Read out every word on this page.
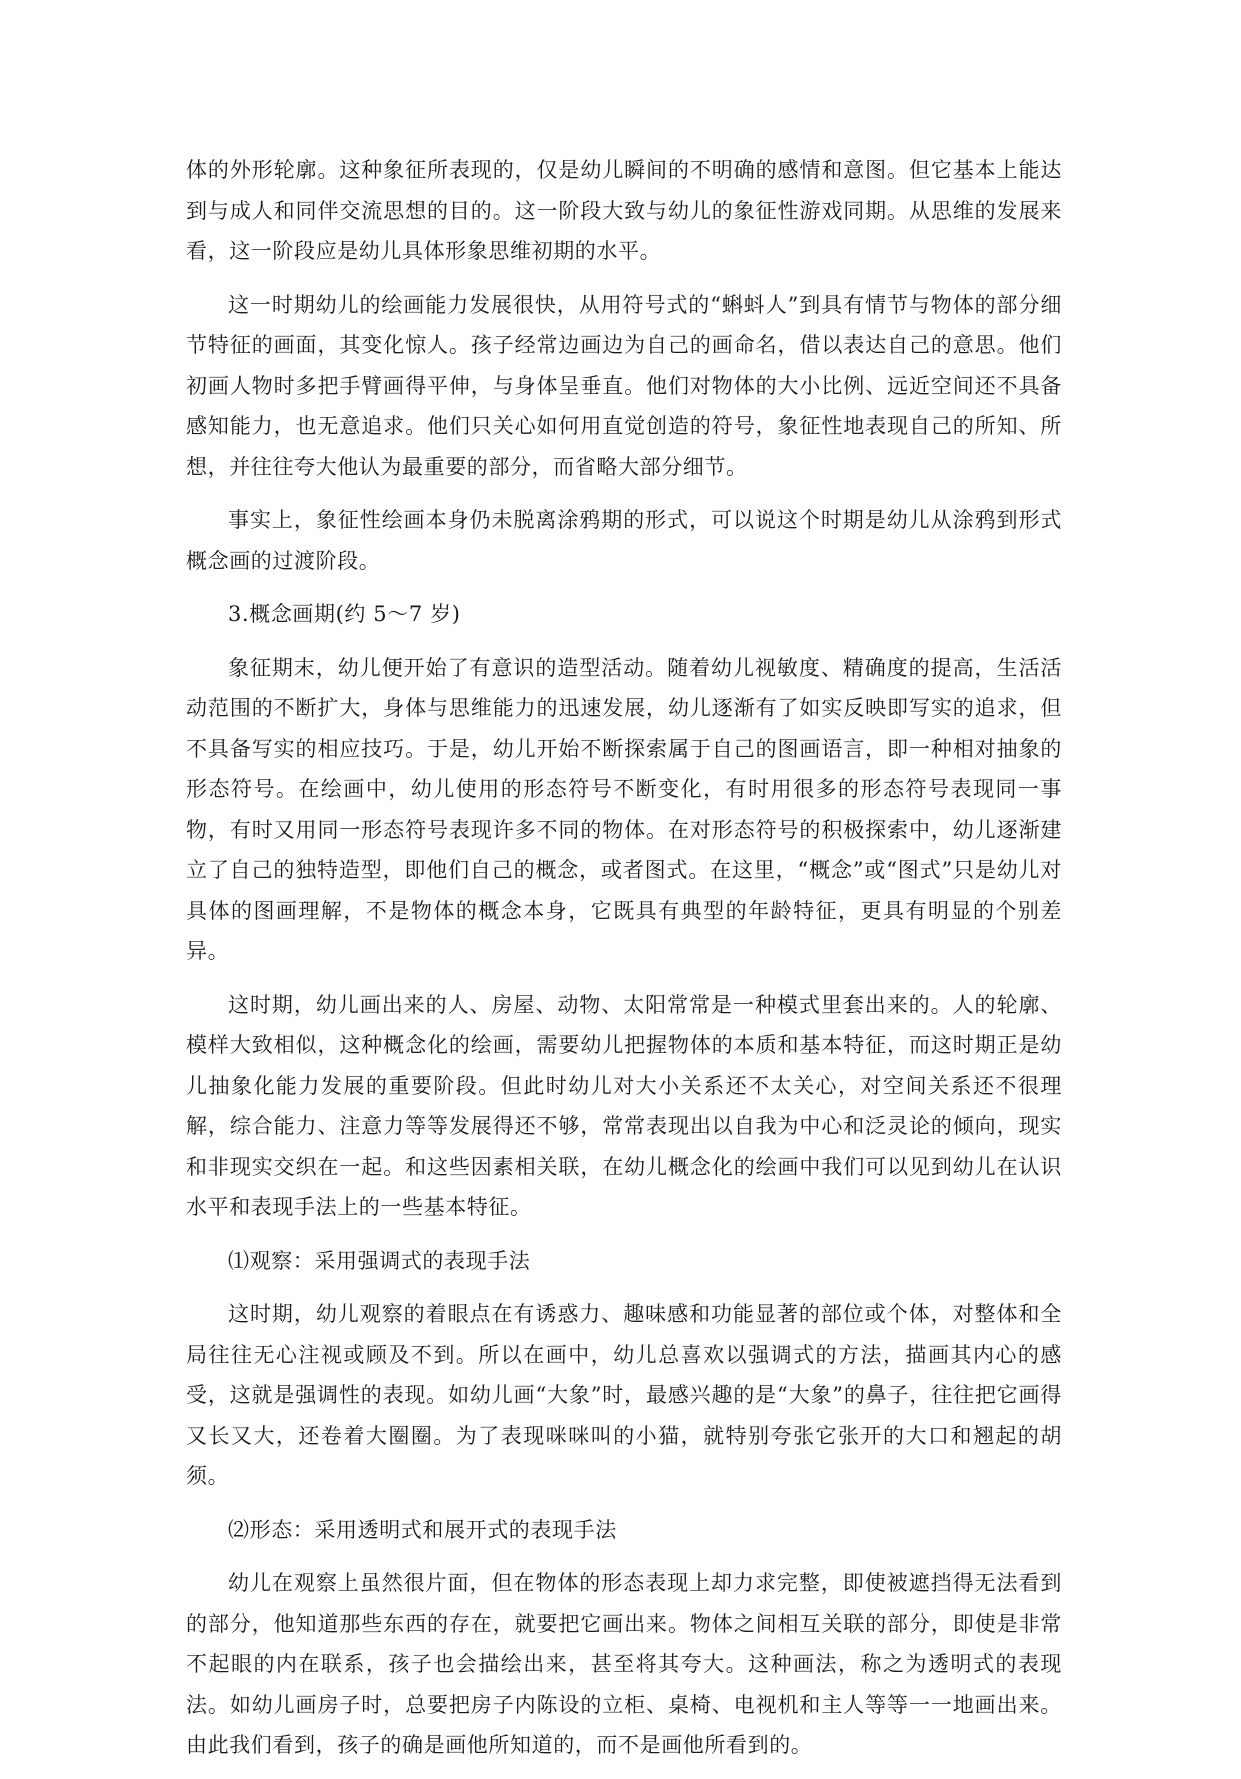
体的外形轮廓。这种象征所表现的，仅是幼儿瞬间的不明确的感情和意图。但它基本上能达到与成人和同伴交流思想的目的。这一阶段大致与幼儿的象征性游戏同期。从思维的发展来看，这一阶段应是幼儿具体形象思维初期的水平。

这一时期幼儿的绘画能力发展很快，从用符号式的“蝌蚪人”到具有情节与物体的部分细节特征的画面，其变化惊人。孩子经常边画边为自己的画命名，借以表达自己的意思。他们初画人物时多把手臂画得平伸，与身体呈垂直。他们对物体的大小比例、远近空间还不具备感知能力，也无意追求。他们只关心如何用直觉创造的符号，象征性地表现自己的所知、所想，并往往夸大他认为最重要的部分，而省略大部分细节。

事实上，象征性绘画本身仍未脱离涂鸦期的形式，可以说这个时期是幼儿从涂鸦到形式概念画的过渡阶段。

3.概念画期(约 5～7 岁)

象征期末，幼儿便开始了有意识的造型活动。随着幼儿视敏度、精确度的提高，生活活动范围的不断扩大，身体与思维能力的迅速发展，幼儿逐渐有了如实反映即写实的追求，但不具备写实的相应技巧。于是，幼儿开始不断探索属于自己的图画语言，即一种相对抽象的形态符号。在绘画中，幼儿使用的形态符号不断变化，有时用很多的形态符号表现同一事物，有时又用同一形态符号表现许多不同的物体。在对形态符号的积极探索中，幼儿逐渐建立了自己的独特造型，即他们自己的概念，或者图式。在这里，“概念”或“图式”只是幼儿对具体的图画理解，不是物体的概念本身，它既具有典型的年龄特征，更具有明显的个别差异。

这时期，幼儿画出来的人、房屋、动物、太阳常常是一种模式里套出来的。人的轮廓、模样大致相似，这种概念化的绘画，需要幼儿把握物体的本质和基本特征，而这时期正是幼儿抽象化能力发展的重要阶段。但此时幼儿对大小关系还不太关心，对空间关系还不很理解，综合能力、注意力等等发展得还不够，常常表现出以自我为中心和泛灵论的倾向，现实和非现实交织在一起。和这些因素相关联，在幼儿概念化的绘画中我们可以见到幼儿在认识水平和表现手法上的一些基本特征。

⑴观察：采用强调式的表现手法

这时期，幼儿观察的着眼点在有诱惑力、趣味感和功能显著的部位或个体，对整体和全局往往无心注视或顾及不到。所以在画中，幼儿总喜欢以强调式的方法，描画其内心的感受，这就是强调性的表现。如幼儿画“大象”时，最感兴趣的是“大象”的鼻子，往往把它画得又长又大，还卷着大圈圈。为了表现咪咪叫的小猫，就特别夸张它张开的大口和翘起的胡须。

⑵形态：采用透明式和展开式的表现手法

幼儿在观察上虽然很片面，但在物体的形态表现上却力求完整，即使被遮挡得无法看到的部分，他知道那些东西的存在，就要把它画出来。物体之间相互关联的部分，即使是非常不起眼的内在联系，孩子也会描绘出来，甚至将其夸大。这种画法，称之为透明式的表现法。如幼儿画房子时，总要把房子内陈设的立柜、桌椅、电视机和主人等等一一地画出来。由此我们看到，孩子的确是画他所知道的，而不是画他所看到的。
